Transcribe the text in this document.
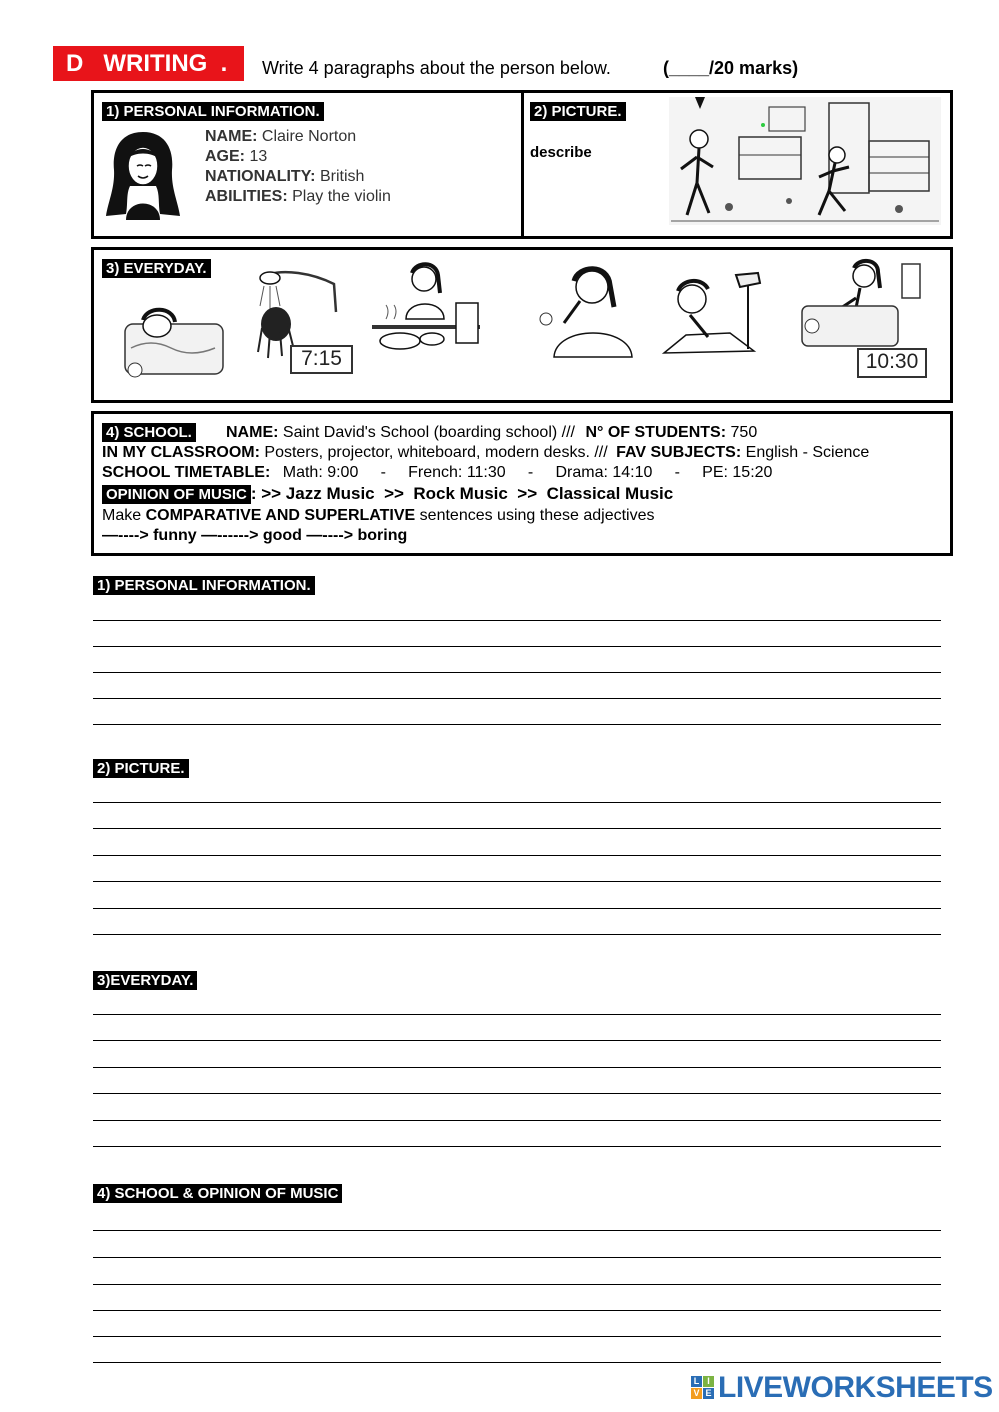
D   WRITING  . Write 4 paragraphs about the person below.	(____/20 marks)
1) PERSONAL INFORMATION.
NAME: Claire Norton
AGE: 13
NATIONALITY: British
ABILITIES: Play the violin
2) PICTURE.
describe
3) EVERYDAY.
7:15	10:30
4) SCHOOL. NAME: Saint David's School (boarding school) /// N° OF STUDENTS: 750
IN MY CLASSROOM: Posters, projector, whiteboard, modern desks. /// FAV SUBJECTS: English - Science
SCHOOL TIMETABLE: Math: 9:00     -     French: 11:30     -     Drama: 14:10     -     PE: 15:20
OPINION OF MUSIC : >> Jazz Music  >>  Rock Music  >>  Classical Music
Make COMPARATIVE AND SUPERLATIVE sentences using these adjectives
—----> funny —------> good —----> boring
1) PERSONAL INFORMATION.
2) PICTURE.
3)EVERYDAY.
4) SCHOOL & OPINION OF MUSIC
L I
V E LIVEWORKSHEETS
